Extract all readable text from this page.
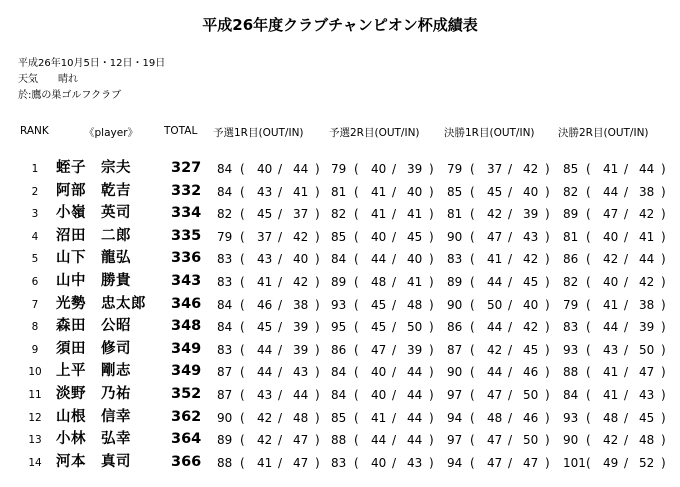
平成26年度クラブチャンピオン杯成績表
平成26年10月5日・12日・19日
天気　　晴れ
於:鷹の巣ゴルフクラブ
RANK	《player》 TOTAL 予選1R目(OUT/IN) 予選2R目(OUT/IN) 決勝1R目(OUT/IN) 決勝2R目(OUT/IN)
1	蛭子　宗夫	327 84 ( 40 / 44 ) 79 ( 40 / 39 ) 79 ( 37 / 42 ) 85 ( 41 / 44 )
2	阿部　乾吉	332 84 ( 43 / 41 ) 81 ( 41 / 40 ) 85 ( 45 / 40 ) 82 ( 44 / 38 )
3	小嶺　英司	334 82 ( 45 / 37 ) 82 ( 41 / 41 ) 81 ( 42 / 39 ) 89 ( 47 / 42 )
4	沼田　二郎	335 79 ( 37 / 42 ) 85 ( 40 / 45 ) 90 ( 47 / 43 ) 81 ( 40 / 41 )
5	山下　龍弘	336 83 ( 43 / 40 ) 84 ( 44 / 40 ) 83 ( 41 / 42 ) 86 ( 42 / 44 )
6	山中　勝貴	343 83 ( 41 / 42 ) 89 ( 48 / 41 ) 89 ( 44 / 45 ) 82 ( 40 / 42 )
7	光勢　忠太郎 346 84 ( 46 / 38 ) 93 ( 45 / 48 ) 90 ( 50 / 40 ) 79 ( 41 / 38 )
8	森田　公昭	348 84 ( 45 / 39 ) 95 ( 45 / 50 ) 86 ( 44 / 42 ) 83 ( 44 / 39 )
9	須田　修司	349 83 ( 44 / 39 ) 86 ( 47 / 39 ) 87 ( 42 / 45 ) 93 ( 43 / 50 )
10 上平　剛志	349 87 ( 44 / 43 ) 84 ( 40 / 44 ) 90 ( 44 / 46 ) 88 ( 41 / 47 )
11 淡野　乃祐	352 87 ( 43 / 44 ) 84 ( 40 / 44 ) 97 ( 47 / 50 ) 84 ( 41 / 43 )
12 山根　信幸	362 90 ( 42 / 48 ) 85 ( 41 / 44 ) 94 ( 48 / 46 ) 93 ( 48 / 45 )
13 小林　弘幸	364 89 ( 42 / 47 ) 88 ( 44 / 44 ) 97 ( 47 / 50 ) 90 ( 42 / 48 )
14 河本　真司	366 88 ( 41 / 47 ) 83 ( 40 / 43 ) 94 ( 47 / 47 ) 101 ( 49 / 52 )
